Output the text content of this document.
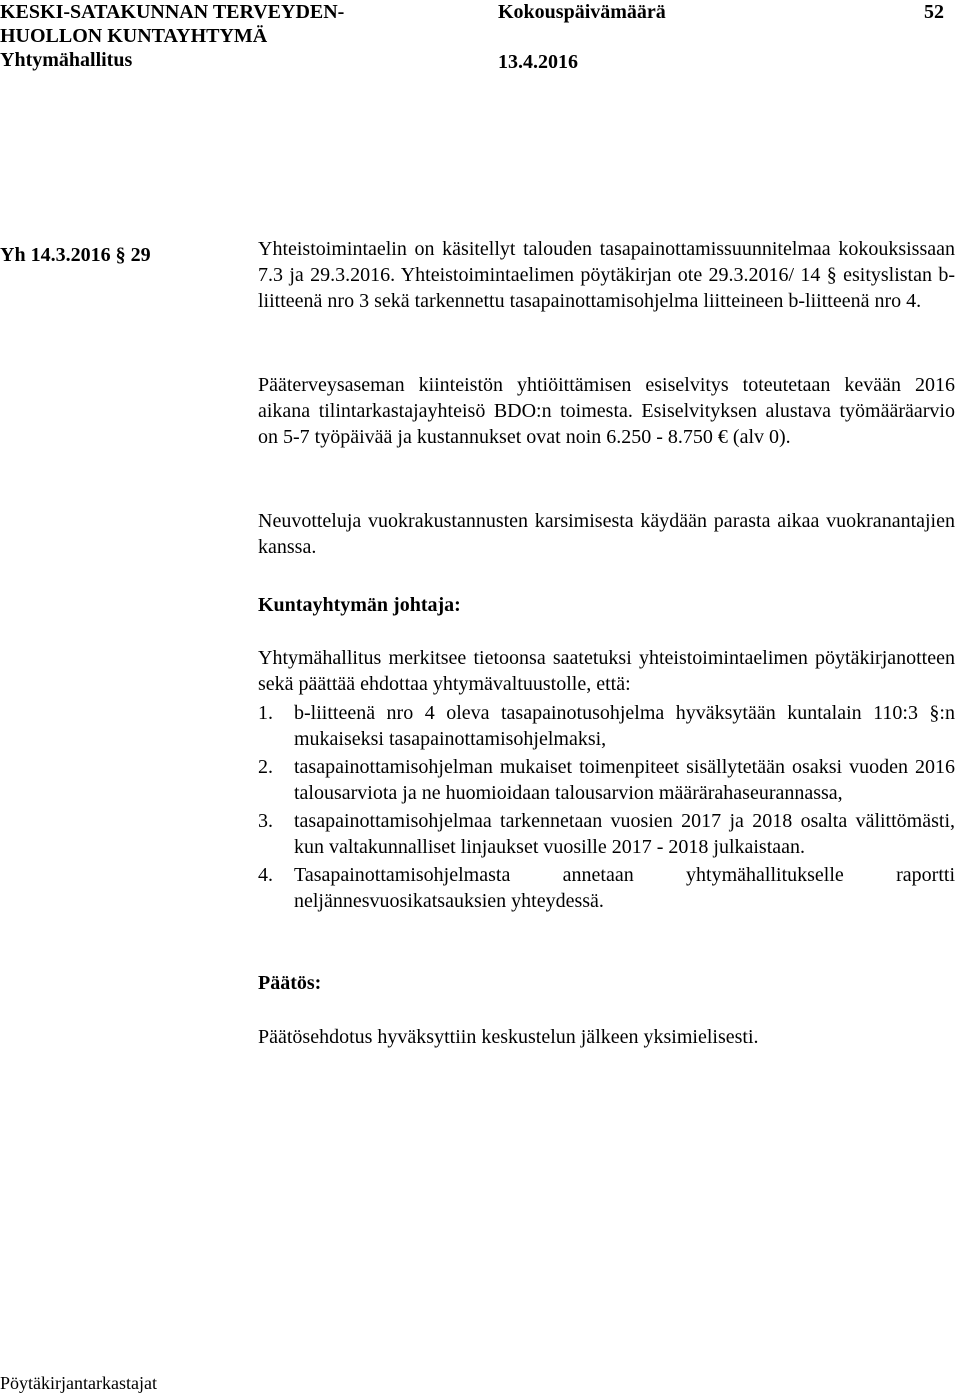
KESKI-SATAKUNNAN TERVEYDEN-
HUOLLON KUNTAYHTYMÄ
Yhtymähallitus
Kokouspäivämäärä	52
13.4.2016
Yh 14.3.2016 § 29	Yhteistoimintaelin on käsitellyt talouden tasapainottamissuunnitelmaa kokouksissaan 7.3 ja 29.3.2016. Yhteistoimintaelimen pöytäkirjan ote 29.3.2016/ 14 § esityslistan b-liitteenä nro 3 sekä tarkennettu tasapainottamisohjelma liitteineen b-liitteenä nro 4.

Pääterveysaseman kiinteistön yhtiöittämisen esiselvitys toteutetaan kevään 2016 aikana tilintarkastajayhteisö BDO:n toimesta. Esiselvityksen alustava työmääräarvio on 5-7 työpäivää ja kustannukset ovat noin 6.250 - 8.750 € (alv 0).

Neuvotteluja vuokrakustannusten karsimisesta käydään parasta aikaa vuokranantajien kanssa.

Kuntayhtymän johtaja:

Yhtymähallitus merkitsee tietoonsa saatetuksi yhteistoimintaelimen pöytäkirjanotteen sekä päättää ehdottaa yhtymävaltuustolle, että:

1. b-liitteenä nro 4 oleva tasapainotusohjelma hyväksytään kuntalain 110:3 §:n mukaiseksi tasapainottamisohjelmaksi,
2. tasapainottamisohjelman mukaiset toimenpiteet sisällytetään osaksi vuoden 2016 talousarviota ja ne huomioidaan talousarvion määrärahaseurannassa,
3. tasapainottamisohjelmaa tarkennetaan vuosien 2017 ja 2018 osalta välittömästi, kun valtakunnalliset linjaukset vuosille 2017 - 2018 julkaistaan.
4. Tasapainottamisohjelmasta annetaan yhtymähallitukselle raportti neljännesvuosikatsauksien yhteydessä.

Päätös:

Päätösehdotus hyväksyttiin keskustelun jälkeen yksimielisesti.

Pöytäkirjantarkastajat
